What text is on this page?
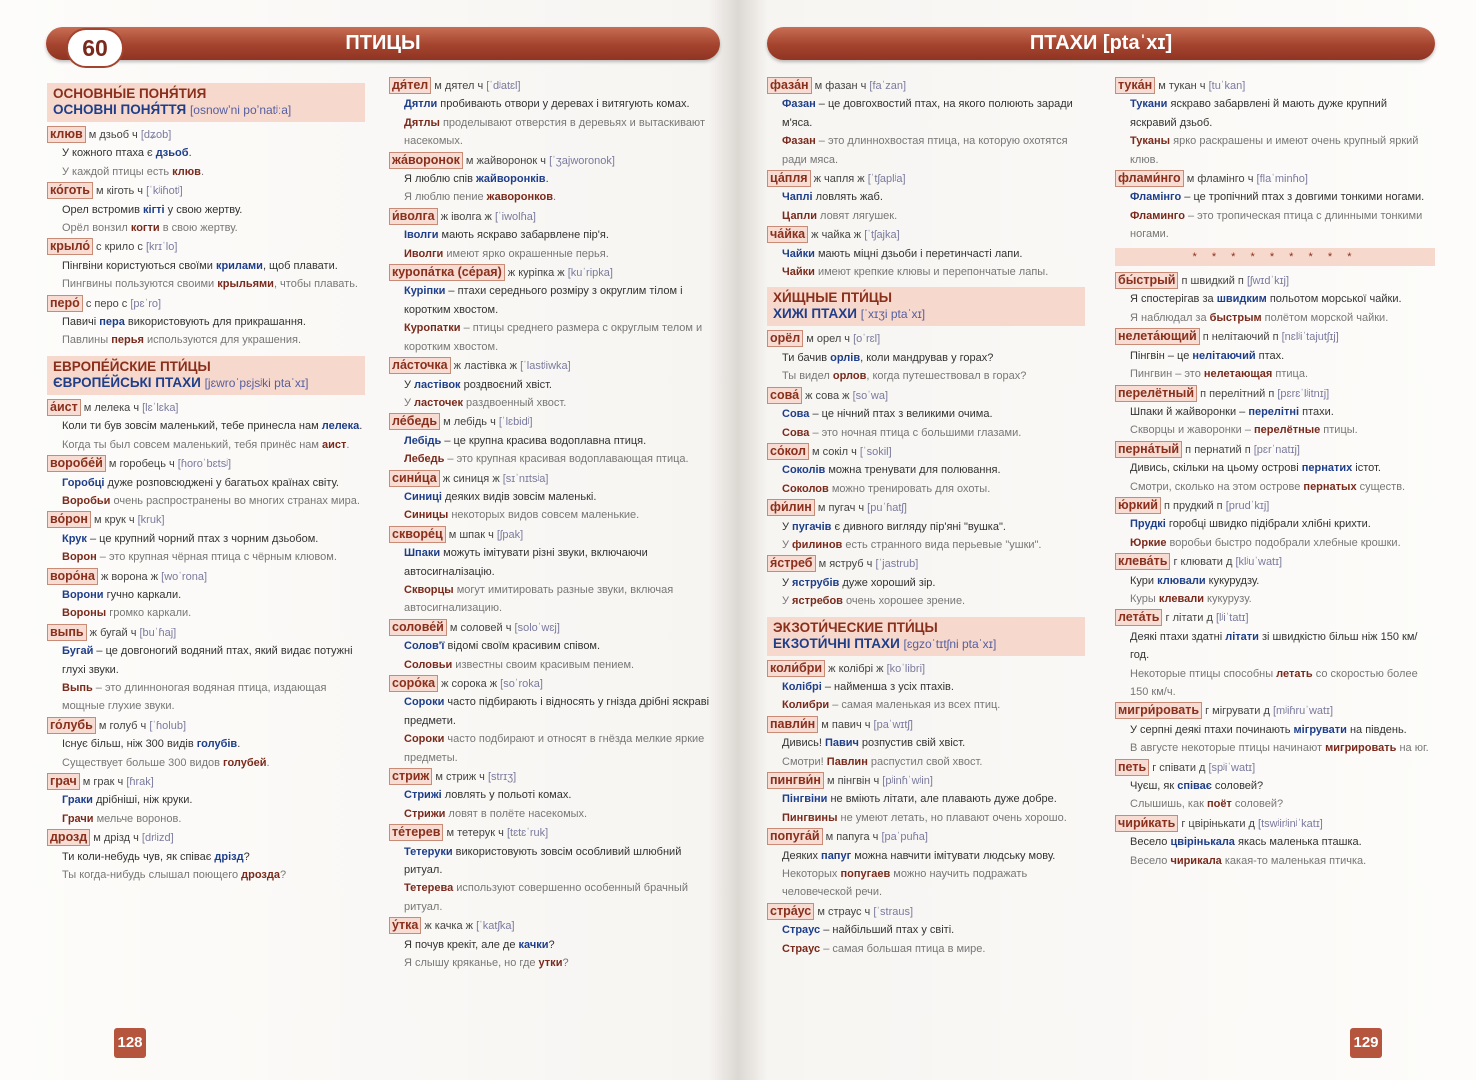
ПТИЦЫ
60	ПТАХИ [ptaˈxɪ]
ОСНОВНЫ́Е ПОНЯ́ТИЯ
ОСНОВНІ ПОНЯ́ТТЯ [osnowʼni poʼnatʲːa]
клюв м дзьоб ч [dʑob]
У кожного птаха є дзьоб.
У каждой птицы есть клюв.
ко́готь м кіготь ч [ˈkʲiɦotʲ]
Орел встромив кігті у свою жертву.
Орёл вонзил когти в свою жертву.
крыло́ с крило с [krɪˈlo]
Пінгвіни користуються своїми крилами, щоб плавати.
Пингвины пользуются своими крыльями, чтобы плавать.
перо́ с перо с [pɛˈro]
Павичі пера використовують для прикрашання.
Павлины перья используются для украшения.
ЕВРОПЕ́ЙСКИЕ ПТИ́ЦЫ
ЄВРОПЕ́ЙСЬКІ ПТАХИ [jɛwroˈpɛjsʲki ptaˈxɪ]
а́ист м лелека ч [lɛˈlɛka]
Коли ти був зовсім маленький, тебе принесла нам лелека.
Когда ты был совсем маленький, тебя принёс нам аист.
воробе́й м горобець ч [ɦoroˈbɛtsʲ]
Горобці дуже розповсюджені у багатьох країнах світу.
Воробьи очень распространены во многих странах мира.
во́рон м крук ч [kruk]
Крук – це крупний чорний птах з чорним дзьобом.
Ворон – это крупная чёрная птица с чёрным клювом.
воро́на ж ворона ж [woˈrona]
Ворони гучно каркали.
Вороны громко каркали.
выпь ж бугай ч [buˈɦaj]
Бугай – це довгоногий водяний птах, який видає потужні глухі звуки.
Выпь – это длинноногая водяная птица, издающая мощные глухие звуки.
го́лубь м голуб ч [ˈɦolub]
Існує більш, ніж 300 видів голубів.
Существует больше 300 видов голубей.
грач м грак ч [ɦrak]
Граки дрібніші, ніж круки.
Грачи мельче воронов.
дрозд м дрізд ч [drʲizd]
Ти коли-небудь чув, як співає дрізд?
Ты когда-нибудь слышал поющего дрозда?
дя́тел м дятел ч [ˈdʲatɛl]
Дятли пробивають отвори у деревах і витягують комах.
Дятлы проделывают отверстия в деревьях и вытаскивают насекомых.
жа́воронок м жайворонок ч [ˈʒajworonok]
Я люблю спів жайворонків.
Я люблю пение жаворонков.
и́волга ж іволга ж [ˈiwolɦa]
Іволги мають яскраво забарвлене пір'я.
Иволги имеют ярко окрашенные перья.
куропа́тка (се́рая) ж куріпка ж [kuˈripka]
Куріпки – птахи середнього розміру з округлим тілом і коротким хвостом.
Куропатки – птицы среднего размера с округлым телом и коротким хвостом.
ла́сточка ж ластівка ж [ˈlastʲiwka]
У ластівок роздвоєний хвіст.
У ласточек раздвоенный хвост.
ле́бедь м лебідь ч [ˈlɛbidʲ]
Лебідь – це крупна красива водоплавна птиця.
Лебедь – это крупная красивая водоплавающая птица.
сини́ца ж синиця ж [sɪˈnɪtsʲa]
Синиці деяких видів зовсім маленькі.
Синицы некоторых видов совсем маленькие.
скворе́ц м шпак ч [ʃpak]
Шпаки можуть імітувати різні звуки, включаючи автосигналізацію.
Скворцы могут имитировать разные звуки, включая автосигнализацию.
солове́й м соловей ч [soloˈwɛj]
Солов'ї відомі своїм красивим співом.
Соловьи известны своим красивым пением.
соро́ка ж сорока ж [soˈroka]
Сороки часто підбирають і відносять у гнізда дрібні яскраві предмети.
Сороки часто подбирают и относят в гнёзда мелкие яркие предметы.
стриж м стриж ч [strɪʒ]
Стрижі ловлять у польоті комах.
Стрижи ловят в полёте насекомых.
те́терев м тетерук ч [tɛtɛˈruk]
Тетеруки використовують зовсім особливий шлюбний ритуал.
Тетерева используют совершенно особенный брачный ритуал.
у́тка ж качка ж [ˈkatʃka]
Я почув крекіт, але де качки?
Я слышу кряканье, но где утки?
фаза́н м фазан ч [faˈzan]
Фазан – це довгохвостий птах, на якого полюють заради м'яса.
Фазан – это длиннохвостая птица, на которую охотятся ради мяса.
ца́пля ж чапля ж [ˈtʃaplʲa]
Чаплі ловлять жаб.
Цапли ловят лягушек.
ча́йка ж чайка ж [ˈtʃajka]
Чайки мають міцні дзьоби і перетинчасті лапи.
Чайки имеют крепкие клювы и перепончатые лапы.
ХИ́ЩНЫЕ ПТИ́ЦЫ
ХИЖІ ПТАХИ [ˈxɪʒi ptaˈxɪ]
орёл м орел ч [oˈrɛl]
Ти бачив орлів, коли мандрував у горах?
Ты видел орлов, когда путешествовал в горах?
сова́ ж сова ж [soˈwa]
Сова – це нічний птах з великими очима.
Сова – это ночная птица с большими глазами.
со́кол м сокіл ч [ˈsokil]
Соколів можна тренувати для полювання.
Соколов можно тренировать для охоты.
фи́лин м пугач ч [puˈɦatʃ]
У пугачів є дивного вигляду пір'яні "вушка".
У филинов есть странного вида перьевые "ушки".
я́стреб м яструб ч [ˈjastrub]
У яструбів дуже хороший зір.
У ястребов очень хорошее зрение.
ЭКЗОТИ́ЧЕСКИЕ ПТИ́ЦЫ
ЕКЗОТИ́ЧНІ ПТАХИ [ɛɡzoˈtɪtʃni ptaˈxɪ]
коли́бри ж колібрі ж [koˈlibri]
Колібрі – найменша з усіх птахів.
Колибри – самая маленькая из всех птиц.
павли́н м павич ч [paˈwɪtʃ]
Дивись! Павич розпустив свій хвіст.
Смотри! Павлин распустил свой хвост.
пингви́н м пінгвін ч [pʲinɦˈwʲin]
Пінгвіни не вміють літати, але плавають дуже добре.
Пингвины не умеют летать, но плавают очень хорошо.
попуга́й м папуга ч [paˈpuɦa]
Деяких папуг можна навчити імітувати людську мову.
Некоторых попугаев можно научить подражать человеческой речи.
стра́ус м страус ч [ˈstraus]
Страус – найбільший птах у світі.
Страус – самая большая птица в мире.
тука́н м тукан ч [tuˈkan]
Тукани яскраво забарвлені й мають дуже крупний яскравий дзьоб.
Туканы ярко раскрашены и имеют очень крупный яркий клюв.
флами́нго м фламінго ч [flaˈminɦo]
Фламінго – це тропічний птах з довгими тонкими ногами.
Фламинго – это тропическая птица с длинными тонкими ногами.
* * * * * * * * *
бы́стрый п швидкий п [ʃwɪdˈkɪj]
Я спостерігав за швидким польотом морської чайки.
Я наблюдал за быстрым полётом морской чайки.
нелета́ющий п нелітаючий п [nɛlʲiˈtajutʃɪj]
Пінгвін – це нелітаючий птах.
Пингвин – это нелетающая птица.
перелётный п перелітний п [pɛrɛˈlʲitnɪj]
Шпаки й жайворонки – перелітні птахи.
Скворцы и жаворонки – перелётные птицы.
перна́тый п пернатий п [pɛrˈnatɪj]
Дивись, скільки на цьому острові пернатих істот.
Смотри, сколько на этом острове пернатых существ.
ю́ркий п прудкий п [prudˈkɪj]
Прудкі горобці швидко підібрали хлібні крихти.
Юркие воробьи быстро подобрали хлебные крошки.
клева́ть г клювати д [klʲuˈwatɪ]
Кури клювали кукурудзу.
Куры клевали кукурузу.
лета́ть г літати д [lʲiˈtatɪ]
Деякі птахи здатні літати зі швидкістю більш ніж 150 км/год.
Некоторые птицы способны летать со скоростью более 150 км/ч.
мигри́ровать г мігрувати д [mʲiɦruˈwatɪ]
У серпні деякі птахи починають мігрувати на південь.
В августе некоторые птицы начинают мигрировать на юг.
петь г співати д [spʲiˈwatɪ]
Чуєш, як співає соловей?
Слышишь, как поёт соловей?
чири́кать г цвірінькати д [tswʲirʲinʲˈkatɪ]
Весело цвірінькала якась маленька пташка.
Весело чирикала какая-то маленькая птичка.
128	129
